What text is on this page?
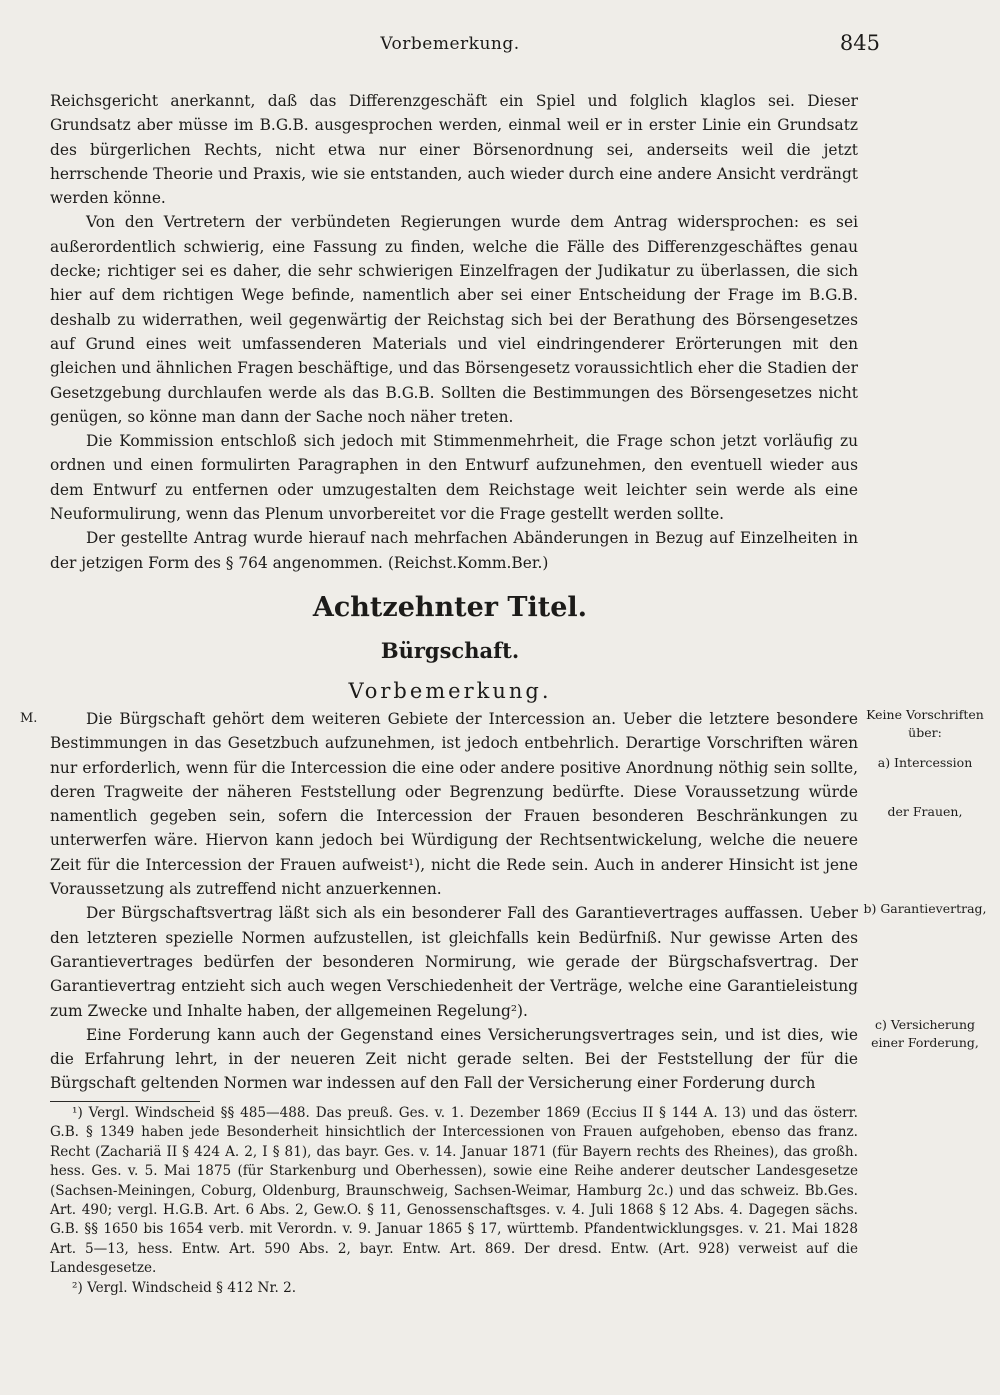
Vorbemerkung.	845

Reichsgericht anerkannt, daß das Differenzgeschäft ein Spiel und folglich klaglos sei. Dieser Grundsatz aber müsse im B.G.B. ausgesprochen werden, einmal weil er in erster Linie ein Grundsatz des bürgerlichen Rechts, nicht etwa nur einer Börsenordnung sei, anderseits weil die jetzt herrschende Theorie und Praxis, wie sie entstanden, auch wieder durch eine andere Ansicht verdrängt werden könne.

Von den Vertretern der verbündeten Regierungen wurde dem Antrag widersprochen: es sei außerordentlich schwierig, eine Fassung zu finden, welche die Fälle des Differenzgeschäftes genau decke; richtiger sei es daher, die sehr schwierigen Einzelfragen der Judikatur zu überlassen, die sich hier auf dem richtigen Wege befinde, namentlich aber sei einer Entscheidung der Frage im B.G.B. deshalb zu widerrathen, weil gegenwärtig der Reichstag sich bei der Berathung des Börsengesetzes auf Grund eines weit umfassenderen Materials und viel eindringenderer Erörterungen mit den gleichen und ähnlichen Fragen beschäftige, und das Börsengesetz voraussichtlich eher die Stadien der Gesetzgebung durchlaufen werde als das B.G.B. Sollten die Bestimmungen des Börsengesetzes nicht genügen, so könne man dann der Sache noch näher treten.

Die Kommission entschloß sich jedoch mit Stimmenmehrheit, die Frage schon jetzt vorläufig zu ordnen und einen formulirten Paragraphen in den Entwurf aufzunehmen, den eventuell wieder aus dem Entwurf zu entfernen oder umzugestalten dem Reichstage weit leichter sein werde als eine Neuformulirung, wenn das Plenum unvorbereitet vor die Frage gestellt werden sollte.

Der gestellte Antrag wurde hierauf nach mehrfachen Abänderungen in Bezug auf Einzelheiten in der jetzigen Form des § 764 angenommen. (Reichst.Komm.Ber.)

Achtzehnter Titel.
Bürgschaft.
Vorbemerkung.
M.	Die Bürgschaft gehört dem weiteren Gebiete der Intercession an. Ueber die letztere besondere Bestimmungen in das Gesetzbuch aufzunehmen, ist jedoch entbehrlich. Derartige Vorschriften wären nur erforderlich, wenn für die Intercession die eine oder andere positive Anordnung nöthig sein sollte, deren Tragweite der näheren Feststellung oder Begrenzung bedürfte. Diese Voraussetzung würde namentlich gegeben sein, sofern die Intercession der Frauen besonderen Beschränkungen zu unterwerfen wäre. Hiervon kann jedoch bei Würdigung der Rechtsentwickelung, welche die neuere Zeit für die Intercession der Frauen aufweist¹), nicht die Rede sein. Auch in anderer Hinsicht ist jene Voraussetzung als zutreffend nicht anzuerkennen.

Der Bürgschaftsvertrag läßt sich als ein besonderer Fall des Garantievertrages auffassen. Ueber den letzteren spezielle Normen aufzustellen, ist gleichfalls kein Bedürfniß. Nur gewisse Arten des Garantievertrages bedürfen der besonderen Normirung, wie gerade der Bürgschafsvertrag. Der Garantievertrag entzieht sich auch wegen Verschiedenheit der Verträge, welche eine Garantieleistung zum Zwecke und Inhalte haben, der allgemeinen Regelung²).

Eine Forderung kann auch der Gegenstand eines Versicherungsvertrages sein, und ist dies, wie die Erfahrung lehrt, in der neueren Zeit nicht gerade selten. Bei der Feststellung der für die Bürgschaft geltenden Normen war indessen auf den Fall der Versicherung einer Forderung durch

Keine Vorschriften über:
a) Intercession
der Frauen,
b) Garantievertrag,
c) Versicherung einer Forderung,

¹) Vergl. Windscheid §§ 485—488. Das preuß. Ges. v. 1. Dezember 1869 (Eccius II § 144 A. 13) und das österr. G.B. § 1349 haben jede Besonderheit hinsichtlich der Intercessionen von Frauen aufgehoben, ebenso das franz. Recht (Zachariä II § 424 A. 2, I § 81), das bayr. Ges. v. 14. Januar 1871 (für Bayern rechts des Rheines), das großh. hess. Ges. v. 5. Mai 1875 (für Starkenburg und Oberhessen), sowie eine Reihe anderer deutscher Landesgesetze (Sachsen-Meiningen, Coburg, Oldenburg, Braunschweig, Sachsen-Weimar, Hamburg 2c.) und das schweiz. Bb.Ges. Art. 490; vergl. H.G.B. Art. 6 Abs. 2, Gew.O. § 11, Genossenschaftsges. v. 4. Juli 1868 § 12 Abs. 4. Dagegen sächs. G.B. §§ 1650 bis 1654 verb. mit Verordn. v. 9. Januar 1865 § 17, württemb. Pfandentwicklungsges. v. 21. Mai 1828 Art. 5—13, hess. Entw. Art. 590 Abs. 2, bayr. Entw. Art. 869. Der dresd. Entw. (Art. 928) verweist auf die Landesgesetze.

²) Vergl. Windscheid § 412 Nr. 2.
